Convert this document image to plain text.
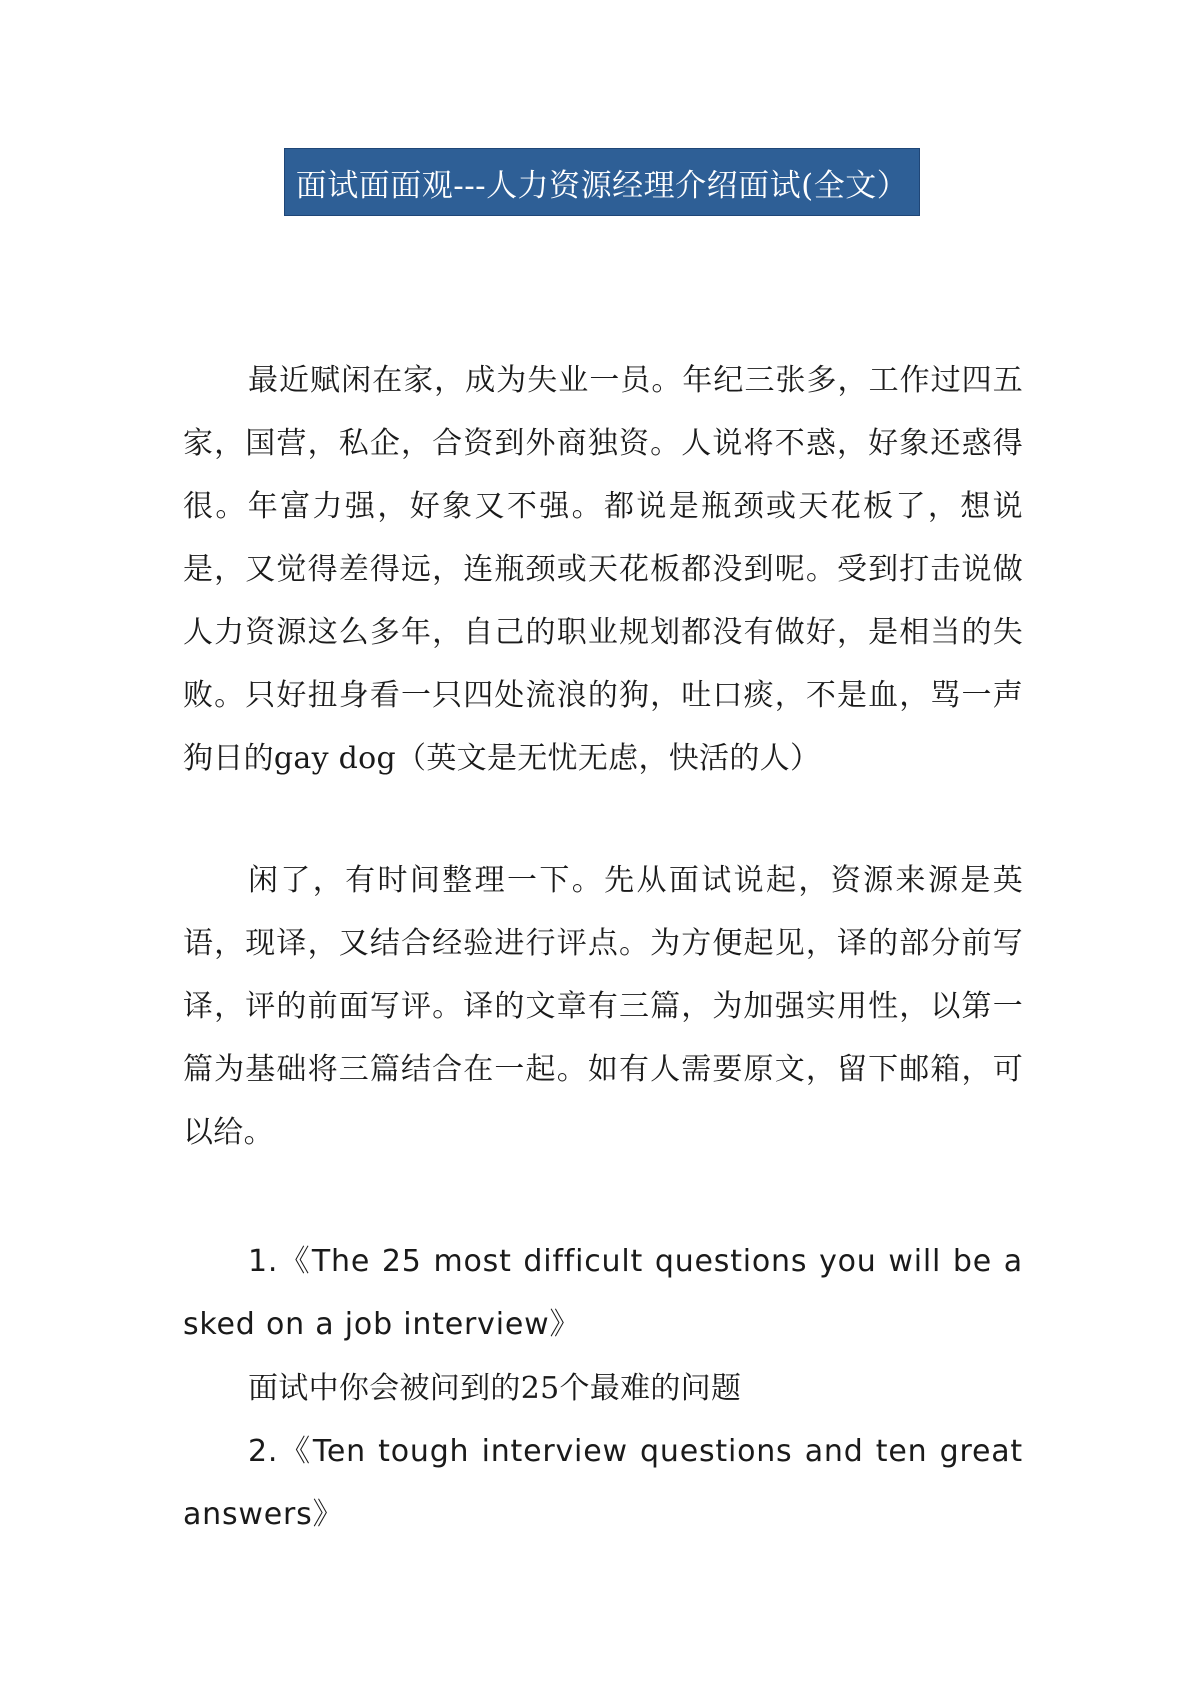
面试面面观---人力资源经理介绍面试(全文）

最近赋闲在家，成为失业一员。年纪三张多，工作过四五家，国营，私企，合资到外商独资。人说将不惑，好象还惑得很。年富力强，好象又不强。都说是瓶颈或天花板了，想说是，又觉得差得远，连瓶颈或天花板都没到呢。受到打击说做人力资源这么多年，自己的职业规划都没有做好，是相当的失败。只好扭身看一只四处流浪的狗，吐口痰，不是血，骂一声狗日的gay dog（英文是无忧无虑，快活的人）

闲了，有时间整理一下。先从面试说起，资源来源是英语，现译，又结合经验进行评点。为方便起见，译的部分前写译，评的前面写评。译的文章有三篇，为加强实用性，以第一篇为基础将三篇结合在一起。如有人需要原文，留下邮箱，可以给。

1.《The 25 most difficult questions you will be asked on a job interview》

面试中你会被问到的25个最难的问题

2.《Ten tough interview questions and ten great answers》
